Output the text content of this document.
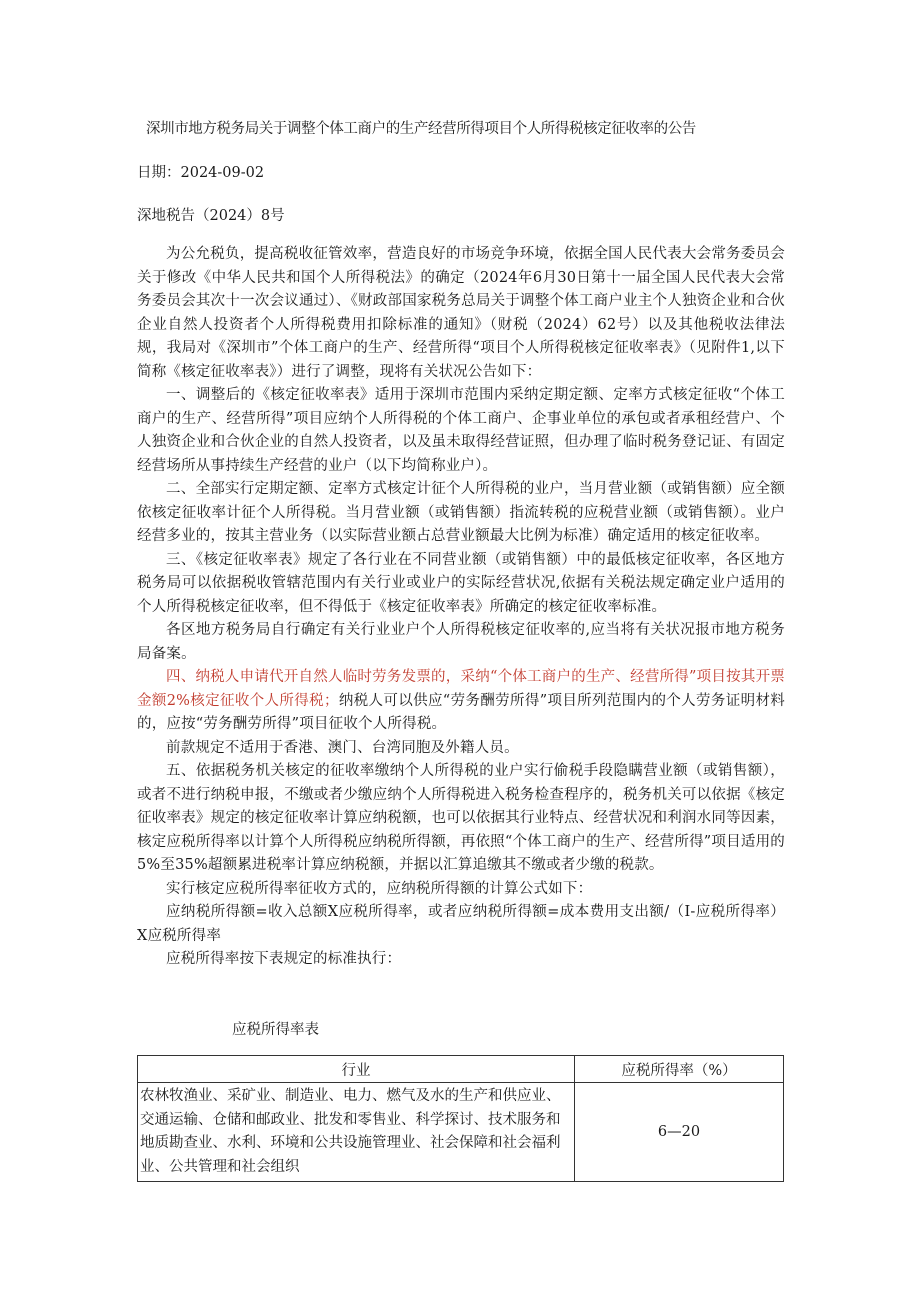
深圳市地方税务局关于调整个体工商户的生产经营所得项目个人所得税核定征收率的公告
日期：2024-09-02
深地税告（2024）8号

为公允税负，提高税收征管效率，营造良好的市场竞争环境，依据全国人民代表大会常务委员会关于修改《中华人民共和国个人所得税法》的确定（2024年6月30日第十一届全国人民代表大会常务委员会其次十一次会议通过）、《财政部国家税务总局关于调整个体工商户业主个人独资企业和合伙企业自然人投资者个人所得税费用扣除标准的通知》（财税（2024）62号）以及其他税收法律法规，我局对《深圳市”个体工商户的生产、经营所得“项目个人所得税核定征收率表》（见附件1,以下简称《核定征收率表》）进行了调整，现将有关状况公告如下：

一、调整后的《核定征收率表》适用于深圳市范围内采纳定期定额、定率方式核定征收“个体工商户的生产、经营所得”项目应纳个人所得税的个体工商户、企事业单位的承包或者承租经营户、个人独资企业和合伙企业的自然人投资者，以及虽未取得经营证照，但办理了临时税务登记证、有固定经营场所从事持续生产经营的业户（以下均简称业户）。

二、全部实行定期定额、定率方式核定计征个人所得税的业户，当月营业额（或销售额）应全额依核定征收率计征个人所得税。当月营业额（或销售额）指流转税的应税营业额（或销售额）。业户经营多业的，按其主营业务（以实际营业额占总营业额最大比例为标准）确定适用的核定征收率。

三、《核定征收率表》规定了各行业在不同营业额（或销售额）中的最低核定征收率，各区地方税务局可以依据税收管辖范围内有关行业或业户的实际经营状况,依据有关税法规定确定业户适用的个人所得税核定征收率，但不得低于《核定征收率表》所确定的核定征收率标准。

各区地方税务局自行确定有关行业业户个人所得税核定征收率的,应当将有关状况报市地方税务局备案。

四、纳税人申请代开自然人临时劳务发票的，采纳“个体工商户的生产、经营所得”项目按其开票金额2%核定征收个人所得税；纳税人可以供应“劳务酬劳所得”项目所列范围内的个人劳务证明材料的，应按“劳务酬劳所得”项目征收个人所得税。

前款规定不适用于香港、澳门、台湾同胞及外籍人员。

五、依据税务机关核定的征收率缴纳个人所得税的业户实行偷税手段隐瞒营业额（或销售额），或者不进行纳税申报，不缴或者少缴应纳个人所得税进入税务检查程序的，税务机关可以依据《核定征收率表》规定的核定征收率计算应纳税额，也可以依据其行业特点、经营状况和利润水同等因素，核定应税所得率以计算个人所得税应纳税所得额，再依照“个体工商户的生产、经营所得”项目适用的5%至35%超额累进税率计算应纳税额，并据以汇算追缴其不缴或者少缴的税款。

实行核定应税所得率征收方式的，应纳税所得额的计算公式如下：

应纳税所得额=收入总额X应税所得率，或者应纳税所得额=成本费用支出额/（I-应税所得率）X应税所得率

应税所得率按下表规定的标准执行：

应税所得率表
行业	应税所得率（%）
农林牧渔业、采矿业、制造业、电力、燃气及水的生产和供应业、交通运输、仓储和邮政业、批发和零售业、科学探讨、技术服务和地质勘查业、水利、环境和公共设施管理业、社会保障和社会福利业、公共管理和社会组织	6—20
